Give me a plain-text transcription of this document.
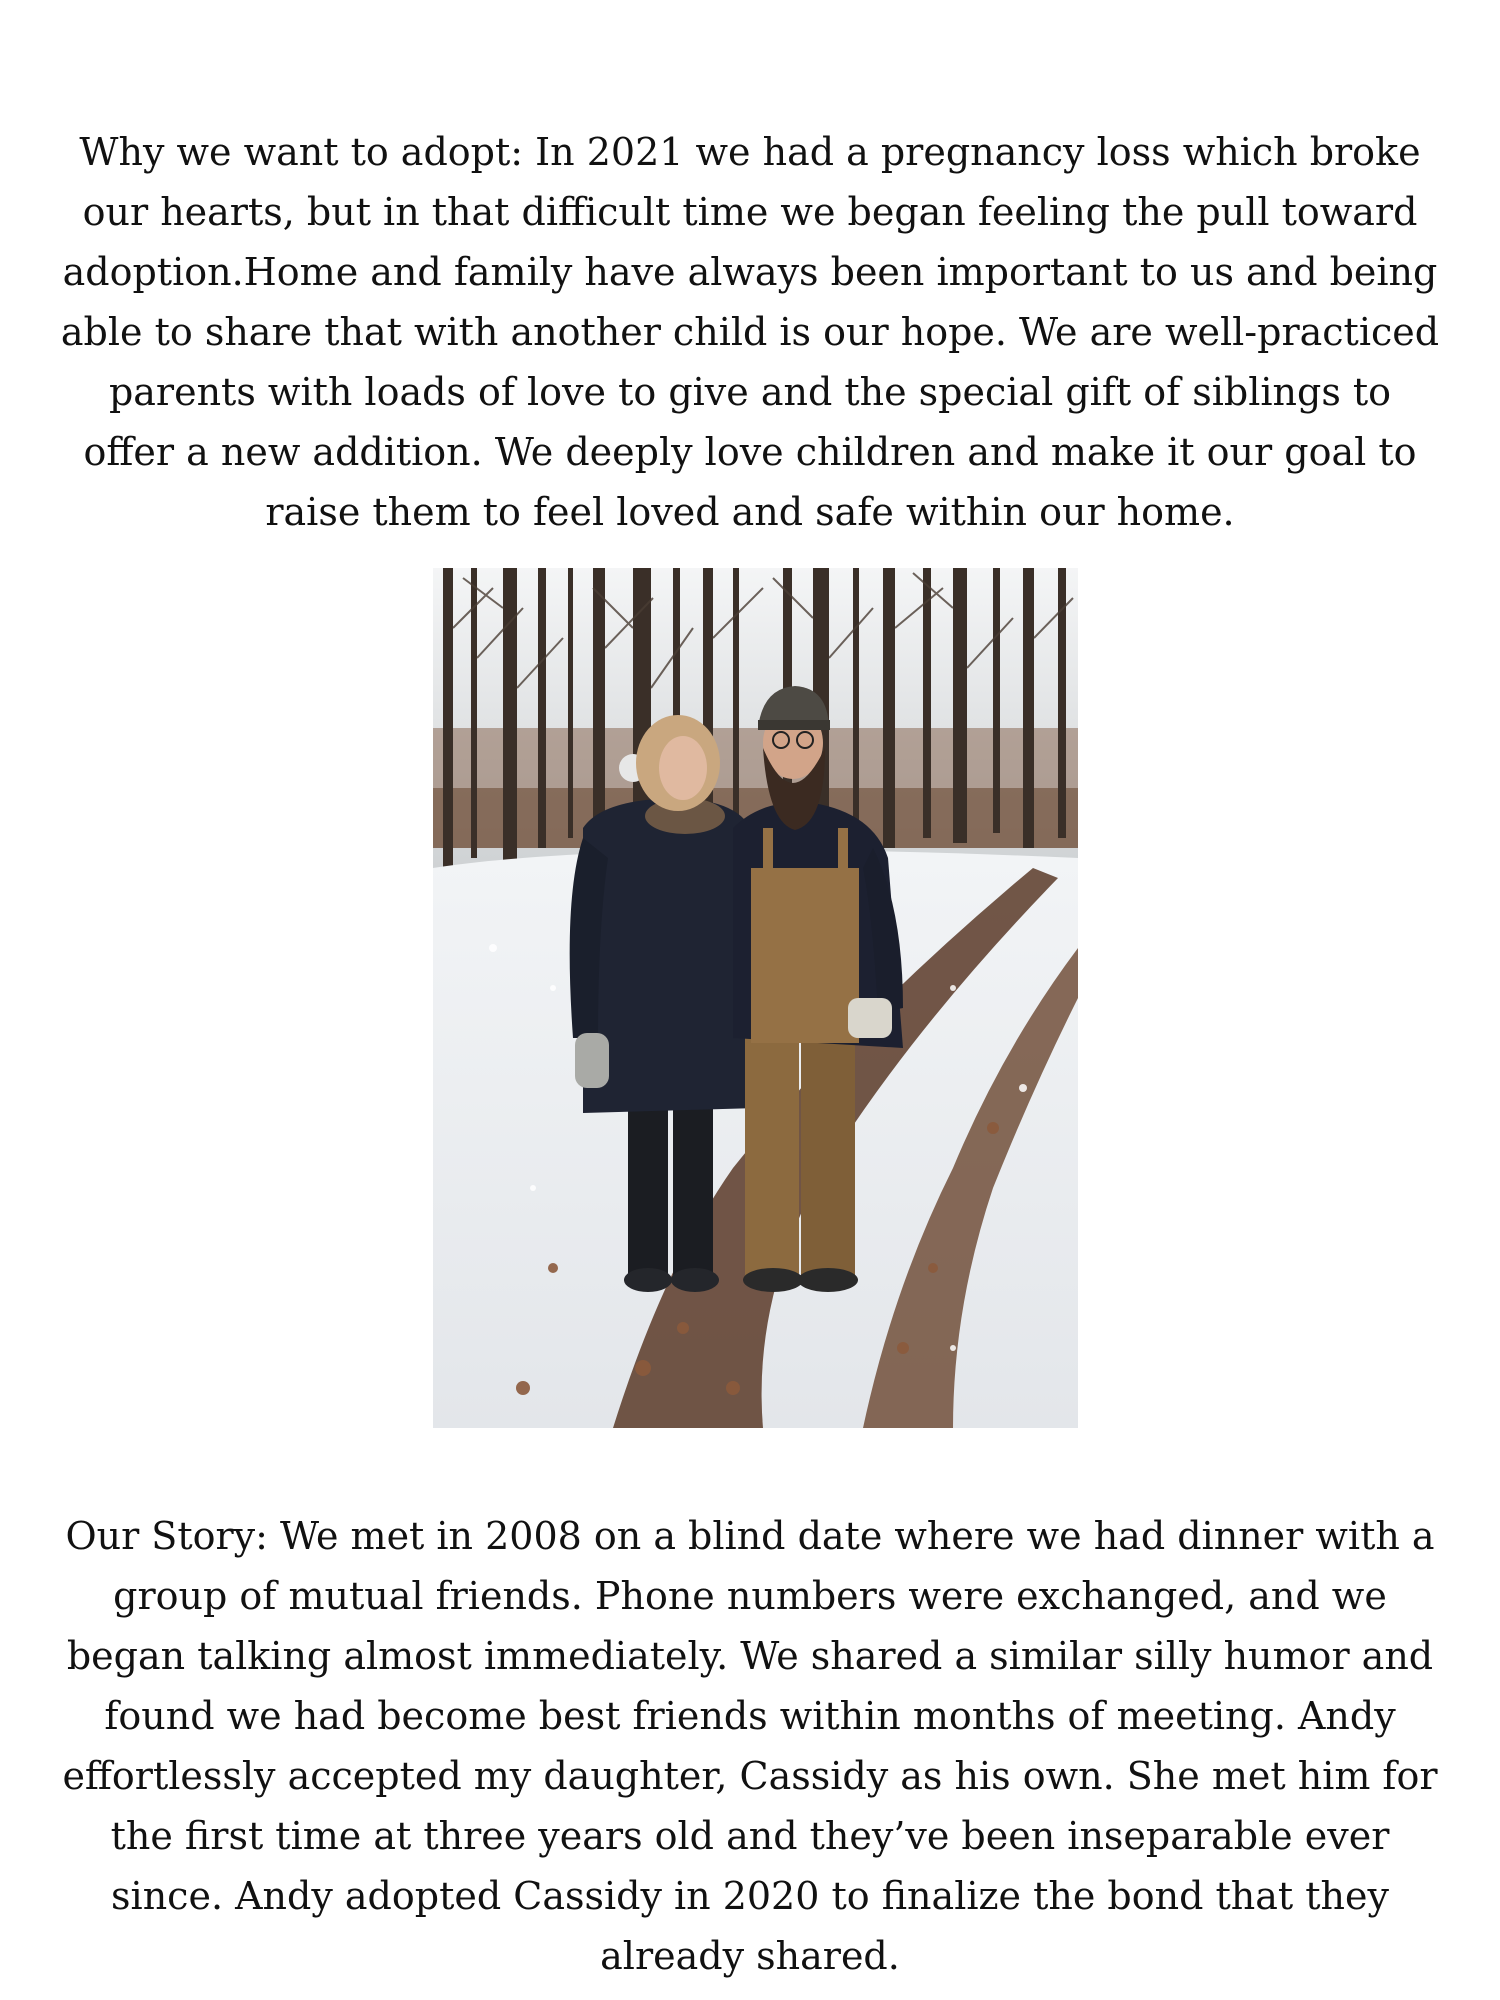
Why we want to adopt: In 2021 we had a pregnancy loss which broke our hearts, but in that difficult time we began feeling the pull toward adoption.Home and family have always been important to us and being able to share that with another child is our hope. We are well-practiced parents with loads of love to give and the special gift of siblings to offer a new addition. We deeply love children and make it our goal to raise them to feel loved and safe within our home.

Our Story: We met in 2008 on a blind date where we had dinner with a group of mutual friends. Phone numbers were exchanged, and we began talking almost immediately. We shared a similar silly humor and found we had become best friends within months of meeting. Andy effortlessly accepted my daughter, Cassidy as his own. She met him for the first time at three years old and they’ve been inseparable ever since. Andy adopted Cassidy in 2020 to finalize the bond that they already shared.
